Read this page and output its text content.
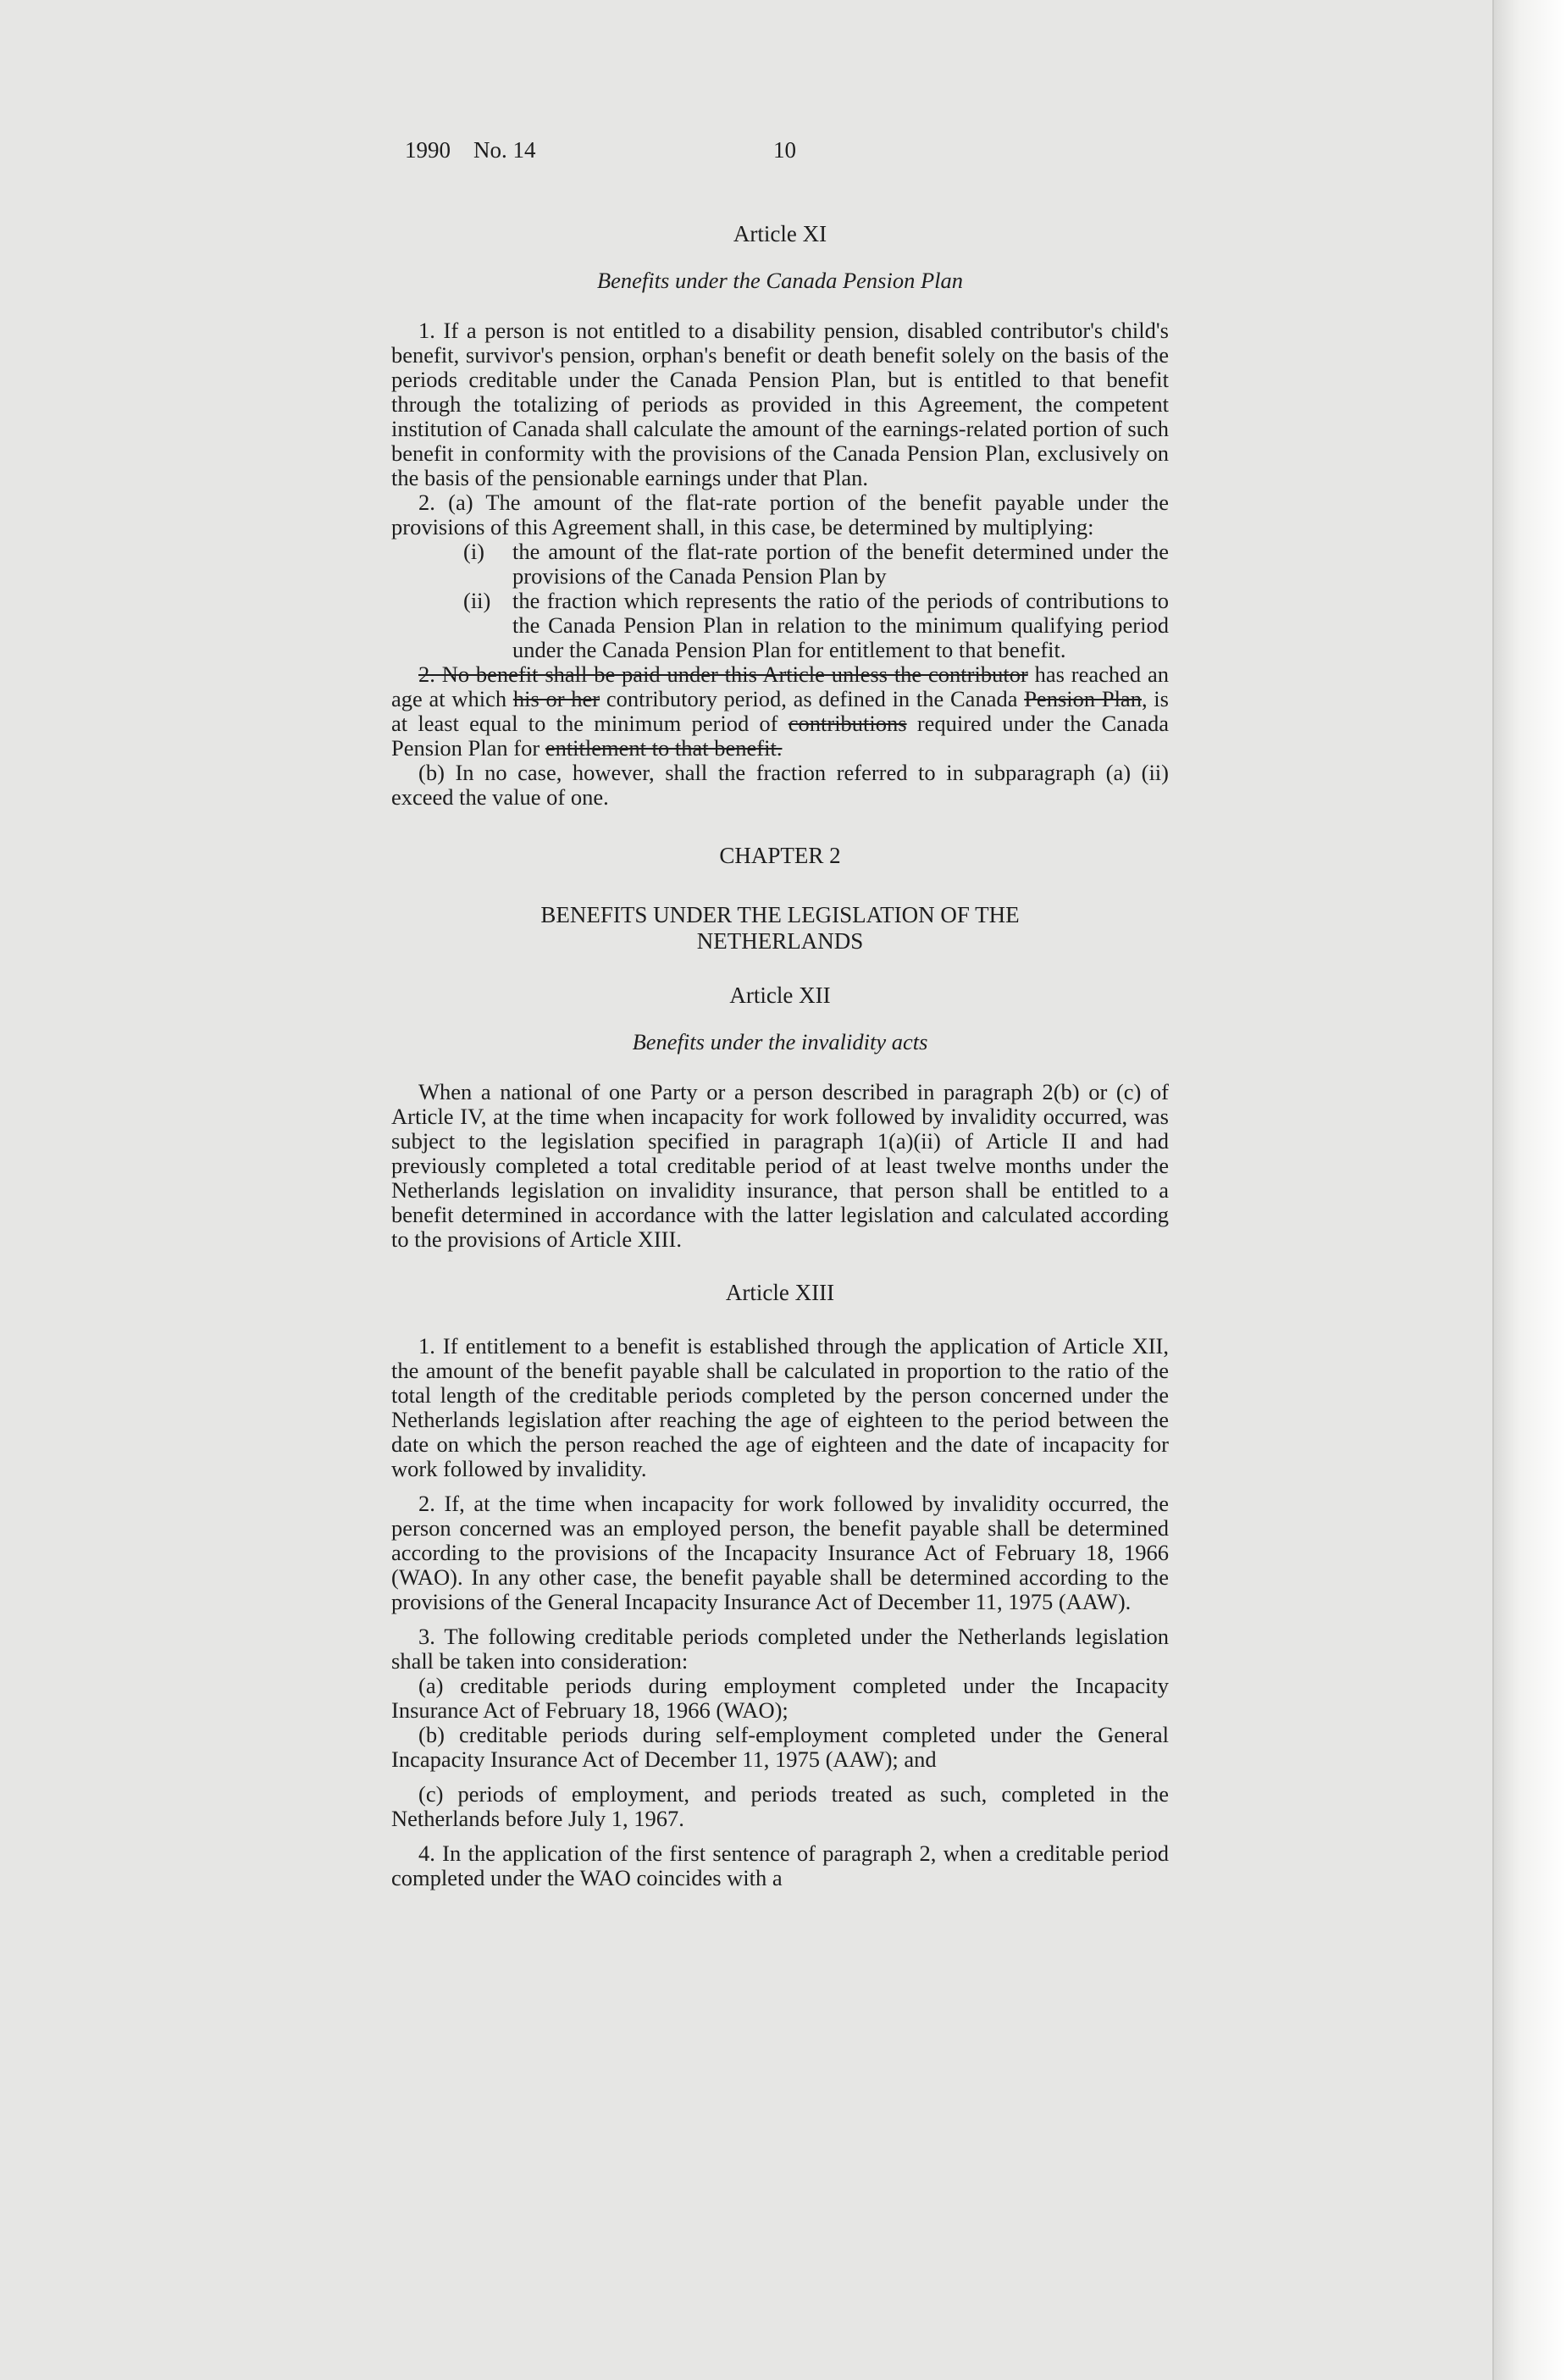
1990    No. 14	10
Article XI
Benefits under the Canada Pension Plan

1. If a person is not entitled to a disability pension, disabled contributor's child's benefit, survivor's pension, orphan's benefit or death benefit solely on the basis of the periods creditable under the Canada Pension Plan, but is entitled to that benefit through the totalizing of periods as provided in this Agreement, the competent institution of Canada shall calculate the amount of the earnings-related portion of such benefit in conformity with the provisions of the Canada Pension Plan, exclusively on the basis of the pensionable earnings under that Plan.

2. (a) The amount of the flat-rate portion of the benefit payable under the provisions of this Agreement shall, in this case, be determined by multiplying:

(i)	the amount of the flat-rate portion of the benefit determined under the provisions of the Canada Pension Plan by
(ii) the fraction which represents the ratio of the periods of contributions to the Canada Pension Plan in relation to the minimum qualifying period under the Canada Pension Plan for entitlement to that benefit.

2. No benefit shall be paid under this Article unless the contributor has reached an age at which his or her contributory period, as defined in the Canada Pension Plan, is at least equal to the minimum period of contributions required under the Canada Pension Plan for entitlement to that benefit.

(b) In no case, however, shall the fraction referred to in subparagraph (a) (ii) exceed the value of one.

CHAPTER 2
BENEFITS UNDER THE LEGISLATION OF THE NETHERLANDS
Article XII
Benefits under the invalidity acts

When a national of one Party or a person described in paragraph 2(b) or (c) of Article IV, at the time when incapacity for work followed by invalidity occurred, was subject to the legislation specified in paragraph 1(a)(ii) of Article II and had previously completed a total creditable period of at least twelve months under the Netherlands legislation on invalidity insurance, that person shall be entitled to a benefit determined in accordance with the latter legislation and calculated according to the provisions of Article XIII.

Article XIII

1. If entitlement to a benefit is established through the application of Article XII, the amount of the benefit payable shall be calculated in proportion to the ratio of the total length of the creditable periods completed by the person concerned under the Netherlands legislation after reaching the age of eighteen to the period between the date on which the person reached the age of eighteen and the date of incapacity for work followed by invalidity.

2. If, at the time when incapacity for work followed by invalidity occurred, the person concerned was an employed person, the benefit payable shall be determined according to the provisions of the Incapacity Insurance Act of February 18, 1966 (WAO). In any other case, the benefit payable shall be determined according to the provisions of the General Incapacity Insurance Act of December 11, 1975 (AAW).

3. The following creditable periods completed under the Netherlands legislation shall be taken into consideration:

(a) creditable periods during employment completed under the Incapacity Insurance Act of February 18, 1966 (WAO);

(b) creditable periods during self-employment completed under the General Incapacity Insurance Act of December 11, 1975 (AAW); and

(c) periods of employment, and periods treated as such, completed in the Netherlands before July 1, 1967.

4. In the application of the first sentence of paragraph 2, when a creditable period completed under the WAO coincides with a
